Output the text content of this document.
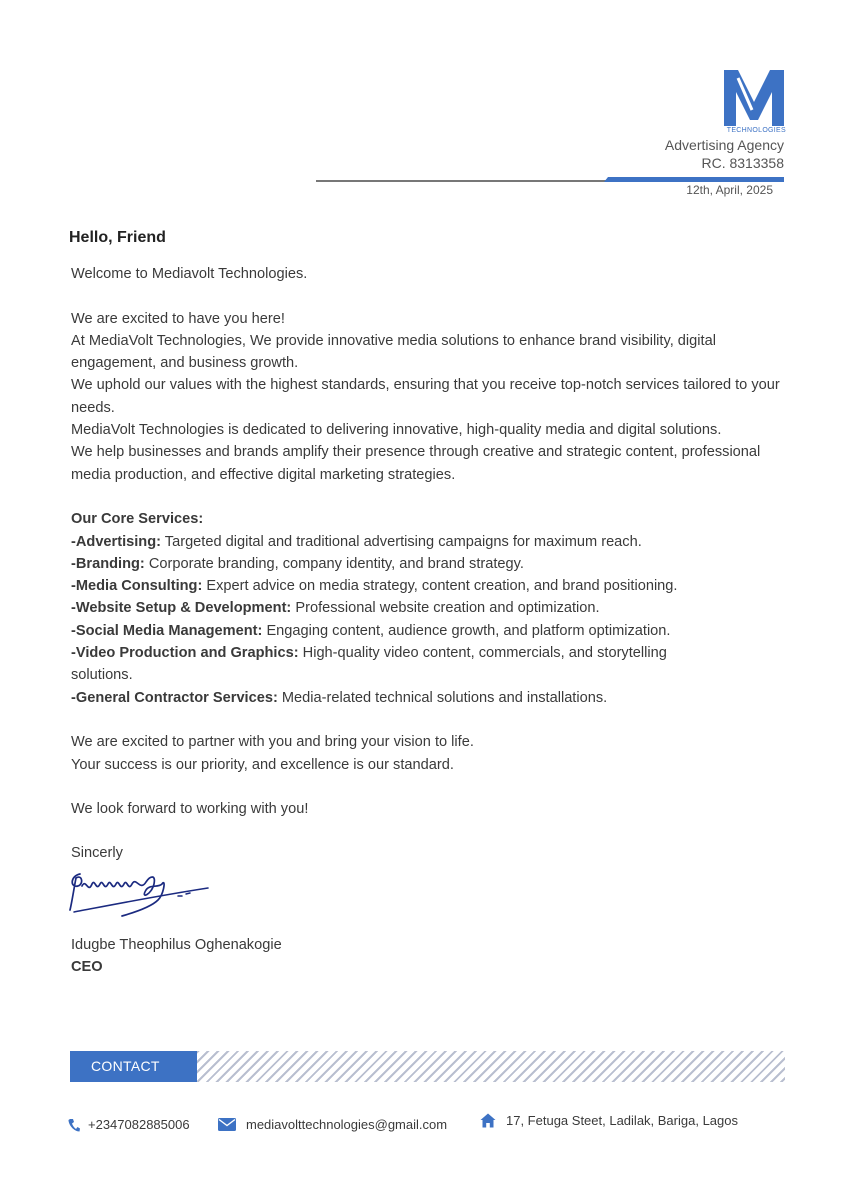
TECHNOLOGIES
Advertising Agency
RC. 8313358
12th, April, 2025
Hello, Friend

Welcome to Mediavolt Technologies.

We are excited to have you here!

At MediaVolt Technologies, We provide innovative media solutions to enhance brand visibility, digital engagement, and business growth.

We uphold our values with the highest standards, ensuring that you receive top-notch services tailored to your needs.

MediaVolt Technologies is dedicated to delivering innovative, high-quality media and digital solutions.

We help businesses and brands amplify their presence through creative and strategic content, professional media production, and effective digital marketing strategies.

Our Core Services:

-Advertising: Targeted digital and traditional advertising campaigns for maximum reach.

-Branding: Corporate branding, company identity, and brand strategy.

-Media Consulting: Expert advice on media strategy, content creation, and brand positioning.

-Website Setup & Development: Professional website creation and optimization.

-Social Media Management: Engaging content, audience growth, and platform optimization.

-Video Production and Graphics: High-quality video content, commercials, and storytelling solutions.

-General Contractor Services: Media-related technical solutions and installations.

We are excited to partner with you and bring your vision to life.

Your success is our priority, and excellence is our standard.

We look forward to working with you!

Sincerly
Idugbe Theophilus Oghenakogie
CEO
CONTACT
+2347082885006	mediavolttechnologies@gmail.com	17, Fetuga Steet, Ladilak, Bariga, Lagos
